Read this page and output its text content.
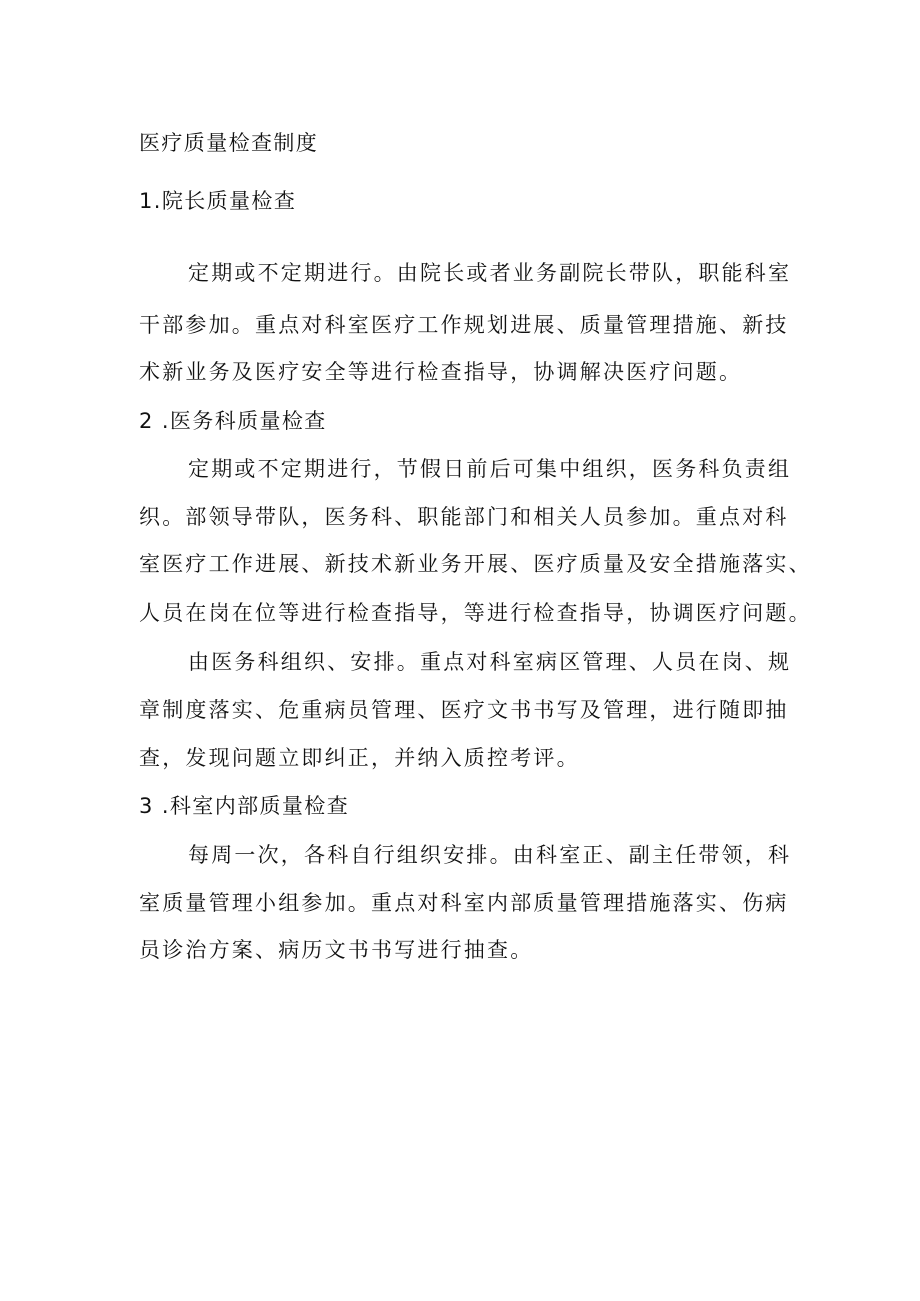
医疗质量检查制度
1.院长质量检查
定期或不定期进行。由院长或者业务副院长带队，职能科室
干部参加。重点对科室医疗工作规划进展、质量管理措施、新技
术新业务及医疗安全等进行检查指导，协调解决医疗问题。
2 .医务科质量检查
定期或不定期进行，节假日前后可集中组织，医务科负责组
织。部领导带队，医务科、职能部门和相关人员参加。重点对科
室医疗工作进展、新技术新业务开展、医疗质量及安全措施落实、
人员在岗在位等进行检查指导，等进行检查指导，协调医疗问题。
由医务科组织、安排。重点对科室病区管理、人员在岗、规
章制度落实、危重病员管理、医疗文书书写及管理，进行随即抽
查，发现问题立即纠正，并纳入质控考评。
3 .科室内部质量检查
每周一次，各科自行组织安排。由科室正、副主任带领，科
室质量管理小组参加。重点对科室内部质量管理措施落实、伤病
员诊治方案、病历文书书写进行抽查。
